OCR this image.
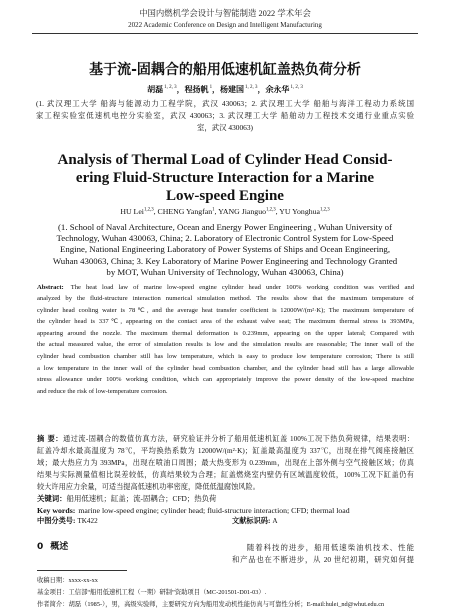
中国内燃机学会设计与智能制造 2022 学术年会
2022 Academic Conference on Design and Intelligent Manufacturing
基于流-固耦合的船用低速机缸盖热负荷分析
胡磊$^{1, 2, 3}$，程扬帆$^1$，杨建国$^{1, 2, 3}$，余永华$^{1, 2, 3}$
(1. 武汉理工大学 船海与能源动力工程学院，武汉 430063；2. 武汉理工大学 船舶与海洋工程动力系统国
家工程实验室低速机电控分实验室，武汉 430063；3. 武汉理工大学 船舶动力工程技术交通行业重点实验
室，武汉 430063)
Analysis of Thermal Load of Cylinder Head Consid-
ering Fluid-Structure Interaction for a Marine
Low-speed Engine
HU Lei$^{1,2,3}$, CHENG Yangfan$^1$, YANG Jianguo$^{1,2,3}$, YU Yonghua$^{1,2,3}$
(1. School of Naval Architecture, Ocean and Energy Power Engineering , Wuhan University of
Technology, Wuhan 430063, China; 2. Laboratory of Electronic Control System for Low-Speed
Engine, National Engineering Laboratory of Power Systems of Ships and Ocean Engineering,
Wuhan 430063, China; 3. Key Laboratory of Marine Power Engineering and Technology Granted
by MOT, Wuhan University of Technology, Wuhan 430063, China)
Abstract: The heat load law of marine low-speed engine cylinder head under 100% working condition was verified and
analyzed by the fluid-structure interaction numerical simulation method. The results show that the maximum temperature of
cylinder head cooling water is 78℃, and the average heat transfer coefficient is 12000W/(m²·K); The maximum temperature of
the cylinder head is 337℃, appearing on the contact area of the exhaust valve seat; The maximum thermal stress is 393MPa,
appearing around the nozzle. The maximum thermal deformation is 0.239mm, appearing on the upper lateral; Compared with
the actual measured value, the error of simulation results is low and the simulation results are reasonable; The inner wall of the
cylinder head combustion chamber still has low temperature, which is easy to produce low temperature corrosion; There is still
a low temperature in the inner wall of the cylinder head combustion chamber, and the cylinder head still has a large allowable
stress allowance under 100% working condition, which can appropriately improve the power density of the low-speed machine
and reduce the risk of low-temperature corrosion.
摘 要：通过流-固耦合的数值仿真方法，研究验证并分析了船用低速机缸盖 100%工况下热负荷规律，结果表明：
缸盖冷却水最高温度为 78℃，平均换热系数为 12000W/(m²·K)；缸盖最高温度为 337℃，出现在排气阀座接触区
域；最大热应力为 393MPa，出现在喷油口周围；最大热变形为 0.239mm，出现在上部外侧与空气接触区域；仿真
结果与实际测量值相比误差较低，仿真结果较为合理；缸盖燃烧室内壁仍有区域温度较低，100%工况下缸盖仍有
较大许用应力余量，可适当提高低速机功率密度，降低低温腐蚀风险。
关键词：船用低速机；缸盖；流-固耦合；CFD；热负荷
Key words: marine low-speed engine; cylinder head; fluid-structure interaction; CFD; thermal load
中图分类号: TK422	文献标识码: A
0 概述	随着科技的进步，船用低速柴油机技术、性能
和产品也在不断进步，从 20 世纪初期，研究如何提
收稿日期：xxxx-xx-xx
基金项目：工信部“船用低速机工程（一期）研制”资助项目（MC-201501-D01-03）.
作者简介：胡磊（1985-），男，高级实验师，主要研究方向为船用发动机性能仿真与可靠性分析；E-mail:hulei_nd@whut.edu.cn
